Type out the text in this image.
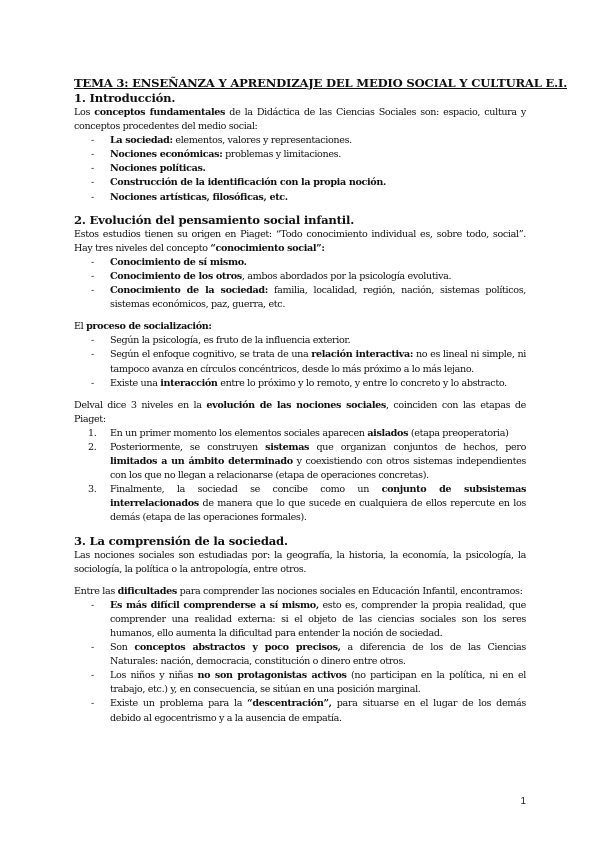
TEMA 3: ENSEÑANZA Y APRENDIZAJE DEL MEDIO SOCIAL Y CULTURAL E.I.
1. Introducción.

Los conceptos fundamentales de la Didáctica de las Ciencias Sociales son: espacio, cultura y conceptos procedentes del medio social:

- La sociedad: elementos, valores y representaciones.
- Nociones económicas: problemas y limitaciones.
- Nociones políticas.
- Construcción de la identificación con la propia noción.
- Nociones artísticas, filosóficas, etc.
2. Evolución del pensamiento social infantil.

Estos estudios tienen su origen en Piaget: “Todo conocimiento individual es, sobre todo, social”. Hay tres niveles del concepto “conocimiento social”:

- Conocimiento de sí mismo.
- Conocimiento de los otros, ambos abordados por la psicología evolutiva.
- Conocimiento de la sociedad: familia, localidad, región, nación, sistemas políticos, sistemas económicos, paz, guerra, etc.

El proceso de socialización:

- Según la psicología, es fruto de la influencia exterior.
- Según el enfoque cognitivo, se trata de una relación interactiva: no es lineal ni simple, ni tampoco avanza en círculos concéntricos, desde lo más próximo a lo más lejano.
- Existe una interacción entre lo próximo y lo remoto, y entre lo concreto y lo abstracto.

Delval dice 3 niveles en la evolución de las nociones sociales, coinciden con las etapas de Piaget:

1. En un primer momento los elementos sociales aparecen aislados (etapa preoperatoria)
2. Posteriormente, se construyen sistemas que organizan conjuntos de hechos, pero limitados a un ámbito determinado y coexistiendo con otros sistemas independientes con los que no llegan a relacionarse (etapa de operaciones concretas).
3. Finalmente, la sociedad se concibe como un conjunto de subsistemas interrelacionados de manera que lo que sucede en cualquiera de ellos repercute en los demás (etapa de las operaciones formales).
3. La comprensión de la sociedad.

Las nociones sociales son estudiadas por: la geografía, la historia, la economía, la psicología, la sociología, la política o la antropología, entre otros.

Entre las dificultades para comprender las nociones sociales en Educación Infantil, encontramos:

- Es más difícil comprenderse a sí mismo, esto es, comprender la propia realidad, que comprender una realidad externa: si el objeto de las ciencias sociales son los seres humanos, ello aumenta la dificultad para entender la noción de sociedad.
- Son conceptos abstractos y poco precisos, a diferencia de los de las Ciencias Naturales: nación, democracia, constitución o dinero entre otros.
- Los niños y niñas no son protagonistas activos (no participan en la política, ni en el trabajo, etc.) y, en consecuencia, se sitúan en una posición marginal.
- Existe un problema para la “descentración”, para situarse en el lugar de los demás debido al egocentrismo y a la ausencia de empatía.
1
